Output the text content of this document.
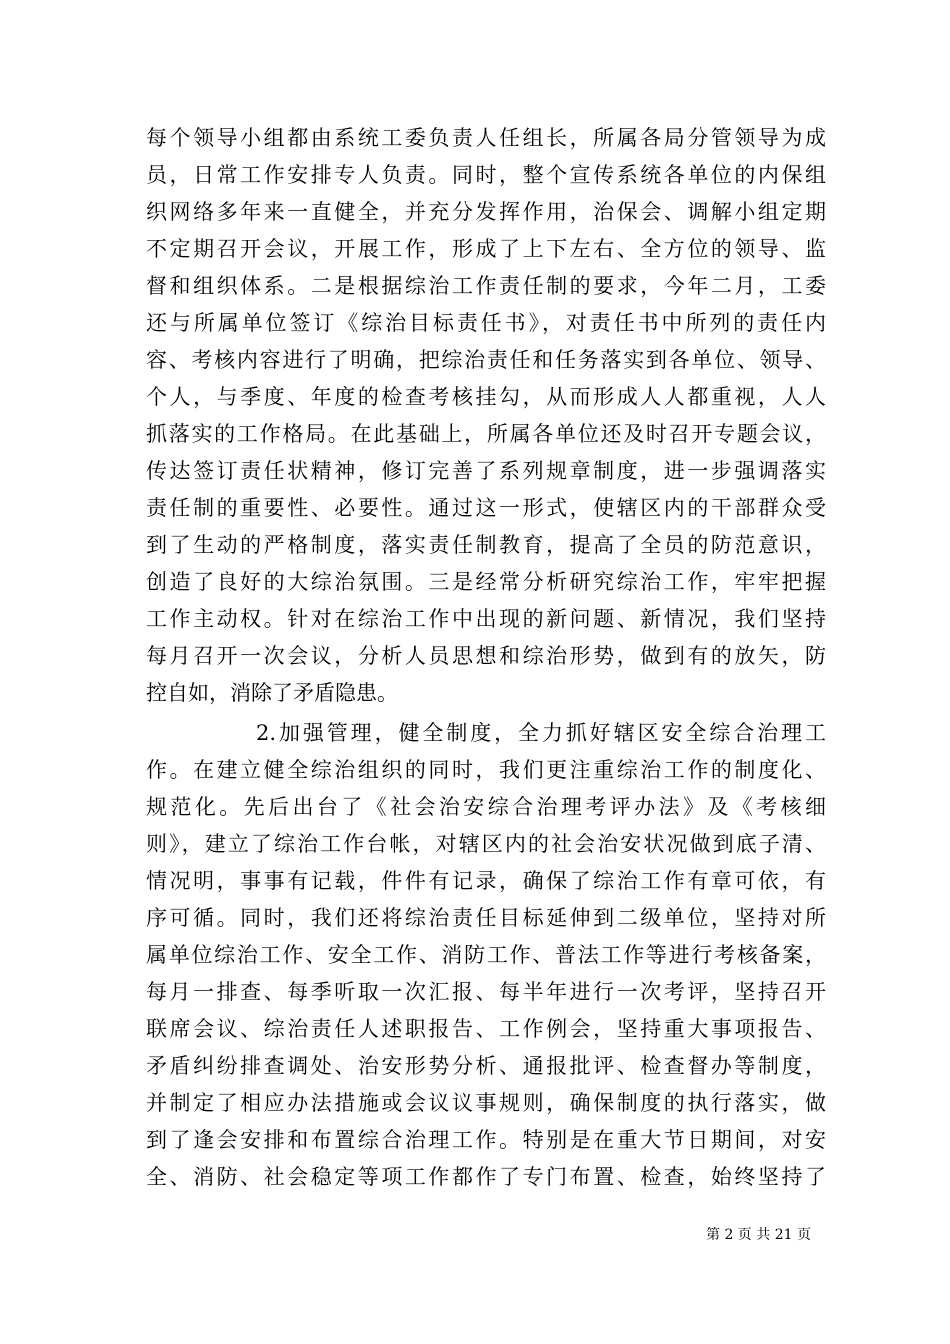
每个领导小组都由系统工委负责人任组长，所属各局分管领导为成
员，日常工作安排专人负责。同时，整个宣传系统各单位的内保组
织网络多年来一直健全，并充分发挥作用，治保会、调解小组定期
不定期召开会议，开展工作，形成了上下左右、全方位的领导、监
督和组织体系。二是根据综治工作责任制的要求，今年二月，工委
还与所属单位签订《综治目标责任书》，对责任书中所列的责任内
容、考核内容进行了明确，把综治责任和任务落实到各单位、领导、
个人，与季度、年度的检查考核挂勾，从而形成人人都重视，人人
抓落实的工作格局。在此基础上，所属各单位还及时召开专题会议，
传达签订责任状精神，修订完善了系列规章制度，进一步强调落实
责任制的重要性、必要性。通过这一形式，使辖区内的干部群众受
到了生动的严格制度，落实责任制教育，提高了全员的防范意识，
创造了良好的大综治氛围。三是经常分析研究综治工作，牢牢把握
工作主动权。针对在综治工作中出现的新问题、新情况，我们坚持
每月召开一次会议，分析人员思想和综治形势，做到有的放矢，防
控自如，消除了矛盾隐患。
2.加强管理，健全制度，全力抓好辖区安全综合治理工
作。在建立健全综治组织的同时，我们更注重综治工作的制度化、
规范化。先后出台了《社会治安综合治理考评办法》及《考核细
则》，建立了综治工作台帐，对辖区内的社会治安状况做到底子清、
情况明，事事有记载，件件有记录，确保了综治工作有章可依，有
序可循。同时，我们还将综治责任目标延伸到二级单位，坚持对所
属单位综治工作、安全工作、消防工作、普法工作等进行考核备案，
每月一排查、每季听取一次汇报、每半年进行一次考评，坚持召开
联席会议、综治责任人述职报告、工作例会，坚持重大事项报告、
矛盾纠纷排查调处、治安形势分析、通报批评、检查督办等制度，
并制定了相应办法措施或会议议事规则，确保制度的执行落实，做
到了逢会安排和布置综合治理工作。特别是在重大节日期间，对安
全、消防、社会稳定等项工作都作了专门布置、检查，始终坚持了
第 2 页 共 21 页
